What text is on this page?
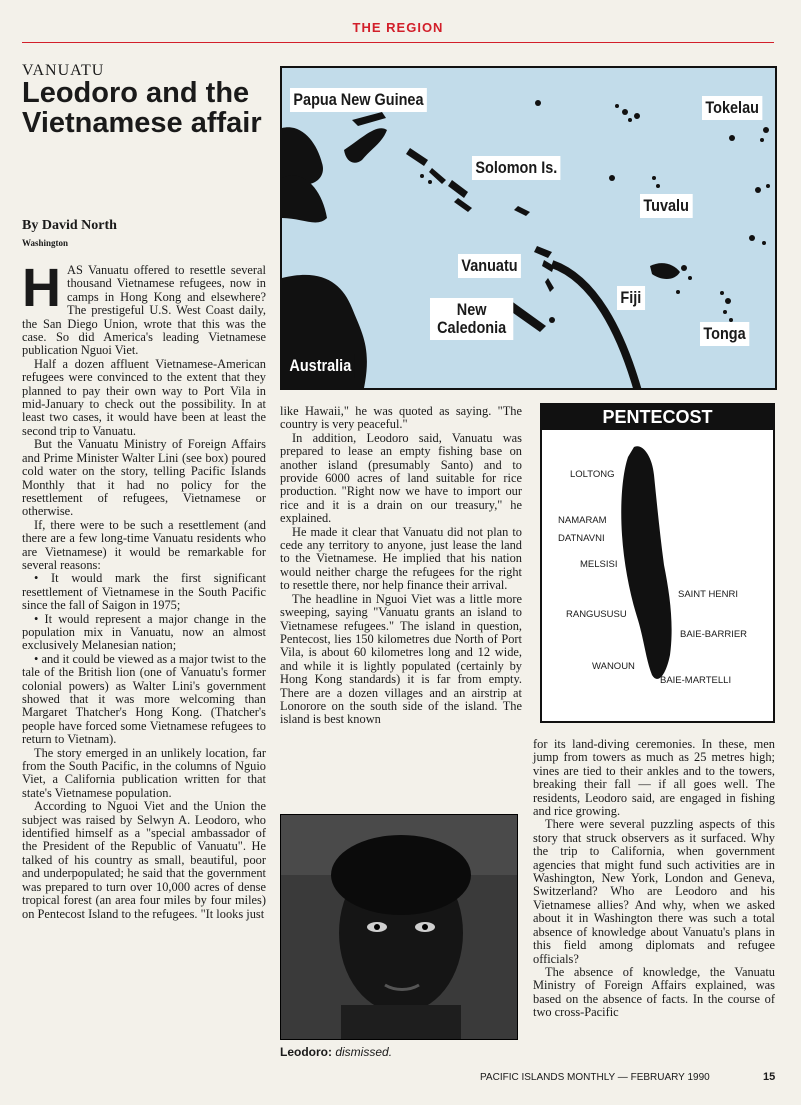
THE REGION
VANUATU
Leodoro and the Vietnamese affair
By David North
Washington

HAS Vanuatu offered to resettle several thousand Vietnamese refugees, now in camps in Hong Kong and elsewhere? The prestigeful U.S. West Coast daily, the San Diego Union, wrote that this was the case. So did America's leading Vietnamese publication Nguoi Viet.

Half a dozen affluent Vietnamese-American refugees were convinced to the extent that they planned to pay their own way to Port Vila in mid-January to check out the possibility. In at least two cases, it would have been at least the second trip to Vanuatu.

But the Vanuatu Ministry of Foreign Affairs and Prime Minister Walter Lini (see box) poured cold water on the story, telling Pacific Islands Monthly that it had no policy for the resettlement of refugees, Vietnamese or otherwise.

If, there were to be such a resettlement (and there are a few long-time Vanuatu residents who are Vietnamese) it would be remarkable for several reasons:

• It would mark the first significant resettlement of Vietnamese in the South Pacific since the fall of Saigon in 1975;

• It would represent a major change in the population mix in Vanuatu, now an almost exclusively Melanesian nation;

• and it could be viewed as a major twist to the tale of the British lion (one of Vanuatu's former colonial powers) as Walter Lini's government showed that it was more welcoming than Margaret Thatcher's Hong Kong. (Thatcher's people have forced some Vietnamese refugees to return to Vietnam).

The story emerged in an unlikely location, far from the South Pacific, in the columns of Nguio Viet, a California publication written for that state's Vietnamese population.

According to Nguoi Viet and the Union the subject was raised by Selwyn A. Leodoro, who identified himself as a "special ambassador of the President of the Republic of Vanuatu". He talked of his country as small, beautiful, poor and underpopulated; he said that the government was prepared to turn over 10,000 acres of dense tropical forest (an area four miles by four miles) on Pentecost Island to the refugees. "It looks just

Papua New Guinea	Tokelau
Solomon Is.
Tuvalu
Vanuatu
Fiji
New Caledonia	Tonga
Australia
PENTECOST
LOLTONG
NAMARAM
DATNAVNI
MELSISI
SAINT HENRI
RANGUSUSU
BAIE-BARRIER
WANOUN
BAIE-MARTELLI

like Hawaii," he was quoted as saying. "The country is very peaceful."

In addition, Leodoro said, Vanuatu was prepared to lease an empty fishing base on another island (presumably Santo) and to provide 6000 acres of land suitable for rice production. "Right now we have to import our rice and it is a drain on our treasury," he explained.

He made it clear that Vanuatu did not plan to cede any territory to anyone, just lease the land to the Vietnamese. He implied that his nation would neither charge the refugees for the right to resettle there, nor help finance their arrival.

The headline in Nguoi Viet was a little more sweeping, saying "Vanuatu grants an island to Vietnamese refugees." The island in question, Pentecost, lies 150 kilometres due North of Port Vila, is about 60 kilometres long and 12 wide, and while it is lightly populated (certainly by Hong Kong standards) it is far from empty. There are a dozen villages and an airstrip at Lonorore on the south side of the island. The island is best known

Leodoro: dismissed.

for its land-diving ceremonies. In these, men jump from towers as much as 25 metres high; vines are tied to their ankles and to the towers, breaking their fall — if all goes well. The residents, Leodoro said, are engaged in fishing and rice growing.

There were several puzzling aspects of this story that struck observers as it surfaced. Why the trip to California, when government agencies that might fund such activities are in Washington, New York, London and Geneva, Switzerland? Who are Leodoro and his Vietnamese allies? And why, when we asked about it in Washington there was such a total absence of knowledge about Vanuatu's plans in this field among diplomats and refugee officials?

The absence of knowledge, the Vanuatu Ministry of Foreign Affairs explained, was based on the absence of facts. In the course of two cross-Pacific

PACIFIC ISLANDS MONTHLY — FEBRUARY 1990	15
